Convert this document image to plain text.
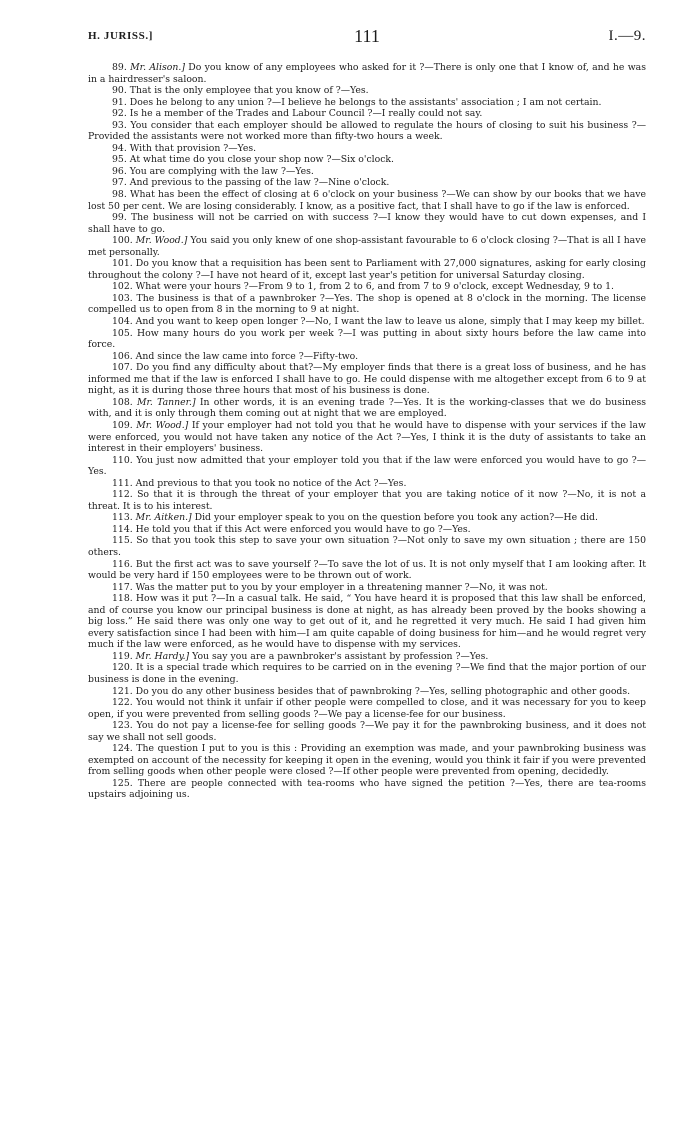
H. JURISS.]	111	I.—9.

89. Mr. Alison.] Do you know of any employees who asked for it ?—There is only one that I know of, and he was in a hairdresser's saloon.

90. That is the only employee that you know of ?—Yes.

91. Does he belong to any union ?—I believe he belongs to the assistants' association ; I am not certain.

92. Is he a member of the Trades and Labour Council ?—I really could not say.

93. You consider that each employer should be allowed to regulate the hours of closing to suit his business ?—Provided the assistants were not worked more than fifty-two hours a week.

94. With that provision ?—Yes.

95. At what time do you close your shop now ?—Six o'clock.

96. You are complying with the law ?—Yes.

97. And previous to the passing of the law ?—Nine o'clock.

98. What has been the effect of closing at 6 o'clock on your business ?—We can show by our books that we have lost 50 per cent. We are losing considerably. I know, as a positive fact, that I shall have to go if the law is enforced.

99. The business will not be carried on with success ?—I know they would have to cut down expenses, and I shall have to go.

100. Mr. Wood.] You said you only knew of one shop-assistant favourable to 6 o'clock closing ?—That is all I have met personally.

101. Do you know that a requisition has been sent to Parliament with 27,000 signatures, asking for early closing throughout the colony ?—I have not heard of it, except last year's petition for universal Saturday closing.

102. What were your hours ?—From 9 to 1, from 2 to 6, and from 7 to 9 o'clock, except Wednesday, 9 to 1.

103. The business is that of a pawnbroker ?—Yes. The shop is opened at 8 o'clock in the morning. The license compelled us to open from 8 in the morning to 9 at night.

104. And you want to keep open longer ?—No, I want the law to leave us alone, simply that I may keep my billet.

105. How many hours do you work per week ?—I was putting in about sixty hours before the law came into force.

106. And since the law came into force ?—Fifty-two.

107. Do you find any difficulty about that?—My employer finds that there is a great loss of business, and he has informed me that if the law is enforced I shall have to go. He could dispense with me altogether except from 6 to 9 at night, as it is during those three hours that most of his business is done.

108. Mr. Tanner.] In other words, it is an evening trade ?—Yes. It is the working-classes that we do business with, and it is only through them coming out at night that we are employed.

109. Mr. Wood.] If your employer had not told you that he would have to dispense with your services if the law were enforced, you would not have taken any notice of the Act ?—Yes, I think it is the duty of assistants to take an interest in their employers' business.

110. You just now admitted that your employer told you that if the law were enforced you would have to go ?—Yes.

111. And previous to that you took no notice of the Act ?—Yes.

112. So that it is through the threat of your employer that you are taking notice of it now ?—No, it is not a threat. It is to his interest.

113. Mr. Aitken.] Did your employer speak to you on the question before you took any action?—He did.

114. He told you that if this Act were enforced you would have to go ?—Yes.

115. So that you took this step to save your own situation ?—Not only to save my own situation ; there are 150 others.

116. But the first act was to save yourself ?—To save the lot of us. It is not only myself that I am looking after. It would be very hard if 150 employees were to be thrown out of work.

117. Was the matter put to you by your employer in a threatening manner ?—No, it was not.

118. How was it put ?—In a casual talk. He said, “ You have heard it is proposed that this law shall be enforced, and of course you know our principal business is done at night, as has already been proved by the books showing a big loss.” He said there was only one way to get out of it, and he regretted it very much. He said I had given him every satisfaction since I had been with him—I am quite capable of doing business for him—and he would regret very much if the law were enforced, as he would have to dispense with my services.

119. Mr. Hardy.] You say you are a pawnbroker's assistant by profession ?—Yes.

120. It is a special trade which requires to be carried on in the evening ?—We find that the major portion of our business is done in the evening.

121. Do you do any other business besides that of pawnbroking ?—Yes, selling photographic and other goods.

122. You would not think it unfair if other people were compelled to close, and it was necessary for you to keep open, if you were prevented from selling goods ?—We pay a license-fee for our business.

123. You do not pay a license-fee for selling goods ?—We pay it for the pawnbroking business, and it does not say we shall not sell goods.

124. The question I put to you is this : Providing an exemption was made, and your pawnbroking business was exempted on account of the necessity for keeping it open in the evening, would you think it fair if you were prevented from selling goods when other people were closed ?—If other people were prevented from opening, decidedly.

125. There are people connected with tea-rooms who have signed the petition ?—Yes, there are tea-rooms upstairs adjoining us.
